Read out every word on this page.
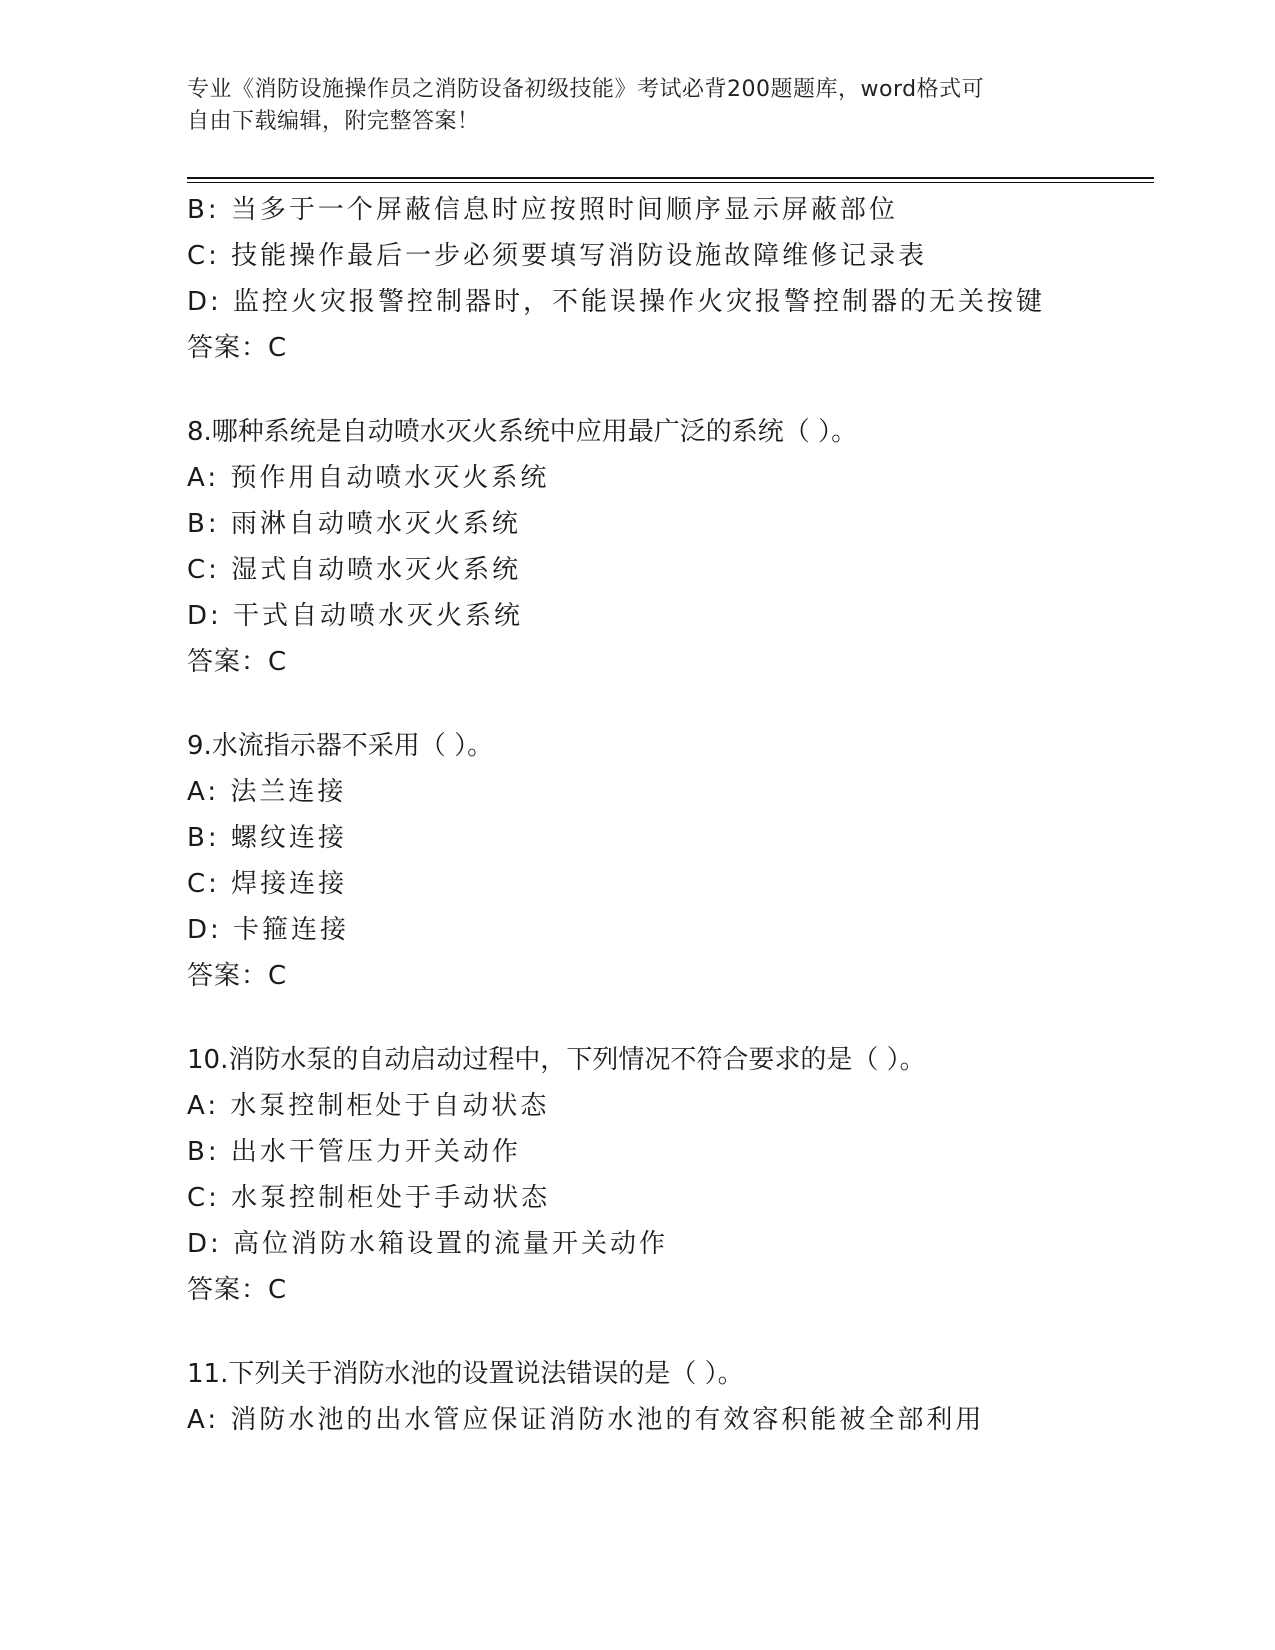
专业《消防设施操作员之消防设备初级技能》考试必背200题题库，word格式可
自由下载编辑，附完整答案！
B: 当多于一个屏蔽信息时应按照时间顺序显示屏蔽部位
C: 技能操作最后一步必须要填写消防设施故障维修记录表
D: 监控火灾报警控制器时，不能误操作火灾报警控制器的无关按键
答案：C
8.哪种系统是自动喷水灭火系统中应用最广泛的系统（ ）。
A: 预作用自动喷水灭火系统
B: 雨淋自动喷水灭火系统
C: 湿式自动喷水灭火系统
D: 干式自动喷水灭火系统
答案：C
9.水流指示器不采用（ ）。
A: 法兰连接
B: 螺纹连接
C: 焊接连接
D: 卡箍连接
答案：C
10.消防水泵的自动启动过程中，下列情况不符合要求的是（ ）。
A: 水泵控制柜处于自动状态
B: 出水干管压力开关动作
C: 水泵控制柜处于手动状态
D: 高位消防水箱设置的流量开关动作
答案：C
11.下列关于消防水池的设置说法错误的是（ ）。
A: 消防水池的出水管应保证消防水池的有效容积能被全部利用
